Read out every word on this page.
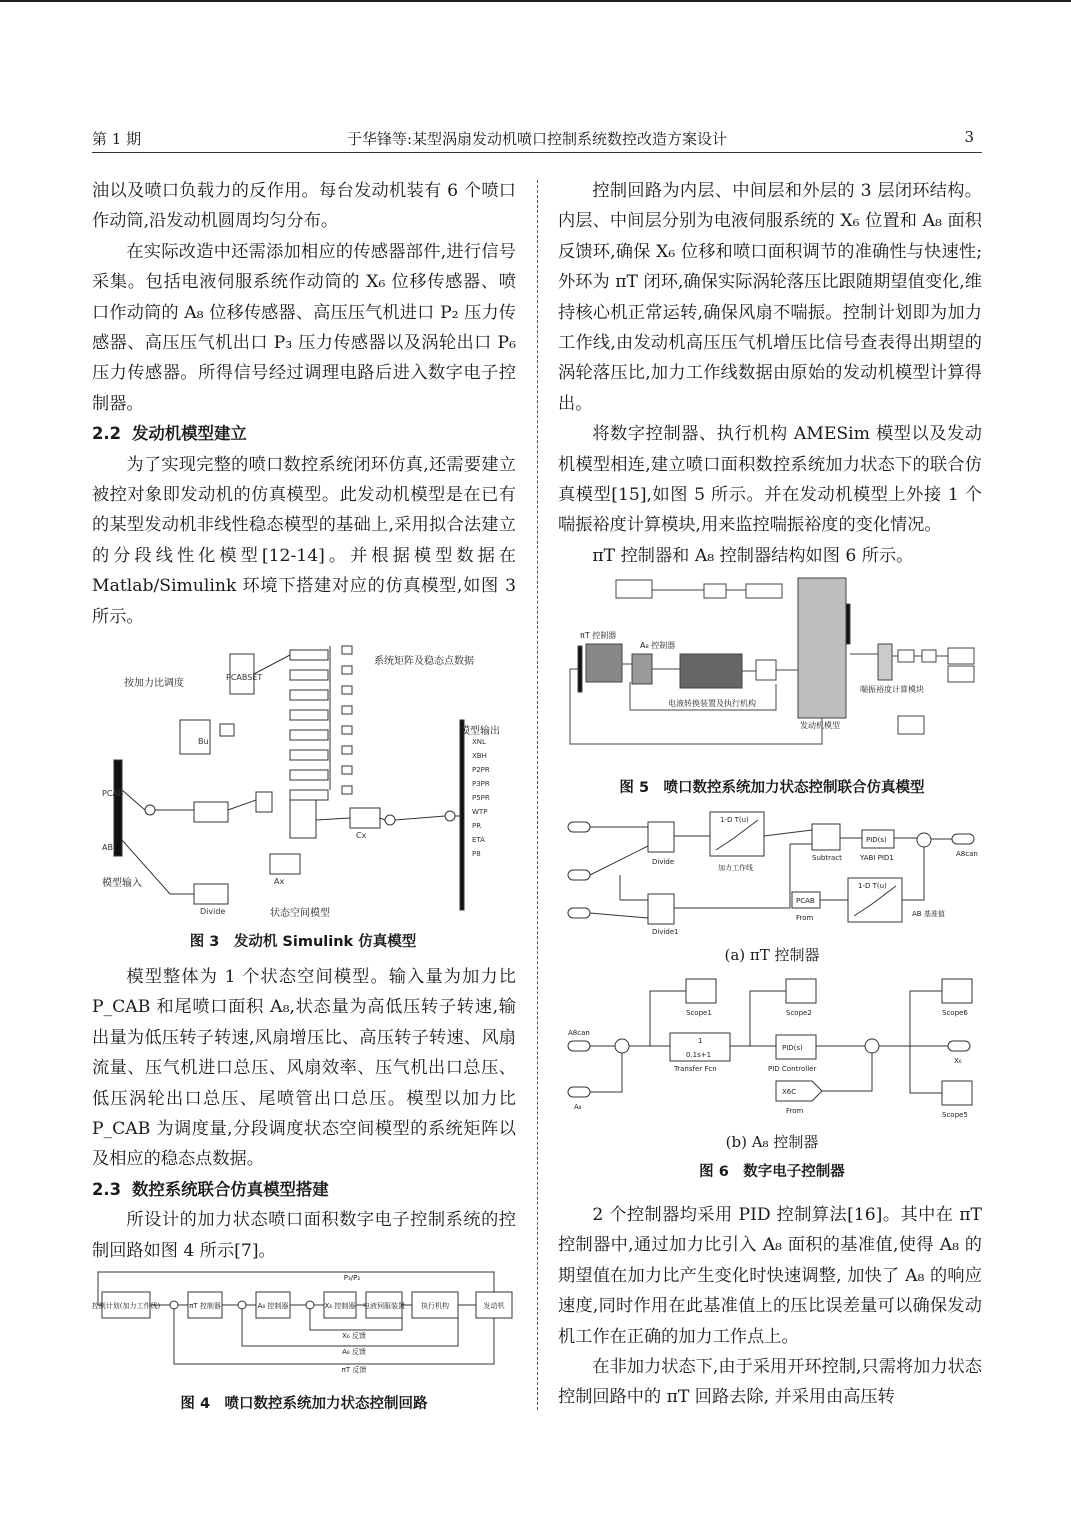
第 1 期	于华锋等:某型涡扇发动机喷口控制系统数控改造方案设计	3

油以及喷口负载力的反作用。每台发动机装有 6 个喷口作动筒,沿发动机圆周均匀分布。

在实际改造中还需添加相应的传感器部件,进行信号采集。包括电液伺服系统作动筒的 X₆ 位移传感器、喷口作动筒的 A₈ 位移传感器、高压压气机进口 P₂ 压力传感器、高压压气机出口 P₃ 压力传感器以及涡轮出口 P₆ 压力传感器。所得信号经过调理电路后进入数字电子控制器。

2.2 发动机模型建立

为了实现完整的喷口数控系统闭环仿真,还需要建立被控对象即发动机的仿真模型。此发动机模型是在已有的某型发动机非线性稳态模型的基础上,采用拟合法建立的分段线性化模型[12-14]。并根据模型数据在 Matlab/Simulink 环境下搭建对应的仿真模型,如图 3 所示。

模型整体为 1 个状态空间模型。输入量为加力比 P_CAB 和尾喷口面积 A₈,状态量为高低压转子转速,输出量为低压转子转速,风扇增压比、高压转子转速、风扇流量、压气机进口总压、风扇效率、压气机出口总压、低压涡轮出口总压、尾喷管出口总压。模型以加力比 P_CAB 为调度量,分段调度状态空间模型的系统矩阵以及相应的稳态点数据。

2.3 数控系统联合仿真模型搭建

所设计的加力状态喷口面积数字电子控制系统的控制回路如图 4 所示[7]。

PCAB
AB
Bu
Cx
Ax
Divide
PCABSET
XNL
XBH
P2PR
P3PR
P5PR
WTP
PR
ETA
P8
模型输入
模型输出
状态空间模型
按加力比调度
系统矩阵及稳态点数据
图 3　发动机 Simulink 仿真模型
控制计划(加力工作线)	πT 控制器	A₈ 控制器	X₆ 控制器 电液伺服装置 执行机构	发动机
P₃/P₂
X₆ 反馈
A₈ 反馈
πT 反馈
图 4　喷口数控系统加力状态控制回路

控制回路为内层、中间层和外层的 3 层闭环结构。内层、中间层分别为电液伺服系统的 X₆ 位置和 A₈ 面积反馈环,确保 X₆ 位移和喷口面积调节的准确性与快速性;外环为 πT 闭环,确保实际涡轮落压比跟随期望值变化,维持核心机正常运转,确保风扇不喘振。控制计划即为加力工作线,由发动机高压压气机增压比信号查表得出期望的涡轮落压比,加力工作线数据由原始的发动机模型计算得出。

将数字控制器、执行机构 AMESim 模型以及发动机模型相连,建立喷口面积数控系统加力状态下的联合仿真模型[15],如图 5 所示。并在发动机模型上外接 1 个喘振裕度计算模块,用来监控喘振裕度的变化情况。

πT 控制器和 A₈ 控制器结构如图 6 所示。

πT 控制器
A₈ 控制器
电液转换装置及执行机构
发动机模型
喘振裕度计算模块
图 5　喷口数控系统加力状态控制联合仿真模型
Divide
Divide1
1-D T(u)
加力工作线
Subtract
PID(s)
YABI PID1
PCAB
From
1-D T(u)
AB 基准值
A8can
(a) πT 控制器
Scope1	Scope2	Scope6
1
0.1s+1
Transfer Fcn
PID(s)
PID Controller
X6C
From	Scope5
A8can
X₆
A₈
(b) A₈ 控制器
图 6　数字电子控制器

2 个控制器均采用 PID 控制算法[16]。其中在 πT 控制器中,通过加力比引入 A₈ 面积的基准值,使得 A₈ 的期望值在加力比产生变化时快速调整, 加快了 A₈ 的响应速度,同时作用在此基准值上的压比误差量可以确保发动机工作在正确的加力工作点上。

在非加力状态下,由于采用开环控制,只需将加力状态控制回路中的 πT 回路去除, 并采用由高压转
